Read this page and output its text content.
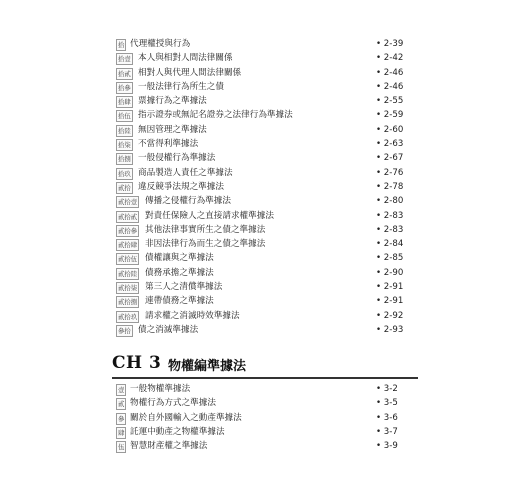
拾 代理權授與行為	• 2-39
拾壹 本人與相對人間法律關係	• 2-42
拾貳 相對人與代理人間法律關係	• 2-46
拾參 一般法律行為所生之債	• 2-46
拾肆 票據行為之準據法	• 2-55
拾伍 指示證券或無記名證券之法律行為準據法	• 2-59
拾陸 無因管理之準據法	• 2-60
拾柒 不當得利準據法	• 2-63
拾捌 一般侵權行為準據法	• 2-67
拾玖 商品製造人責任之準據法	• 2-76
貳拾 違反競爭法規之準據法	• 2-78
貳拾壹 傳播之侵權行為準據法	• 2-80
貳拾貳 對責任保險人之直接請求權準據法	• 2-83
貳拾參 其他法律事實所生之債之準據法	• 2-83
貳拾肆 非因法律行為而生之債之準據法	• 2-84
貳拾伍 債權讓與之準據法	• 2-85
貳拾陸 債務承擔之準據法	• 2-90
貳拾柒 第三人之清償準據法	• 2-91
貳拾捌 連帶債務之準據法	• 2-91
貳拾玖 請求權之消滅時效準據法	• 2-92
參拾 債之消滅準據法	• 2-93
CH 3 物權編準據法
壹 一般物權準據法	• 3-2
貳 物權行為方式之準據法	• 3-5
參 關於自外國輸入之動產準據法	• 3-6
肆 託運中動產之物權準據法	• 3-7
伍 智慧財產權之準據法	• 3-9
